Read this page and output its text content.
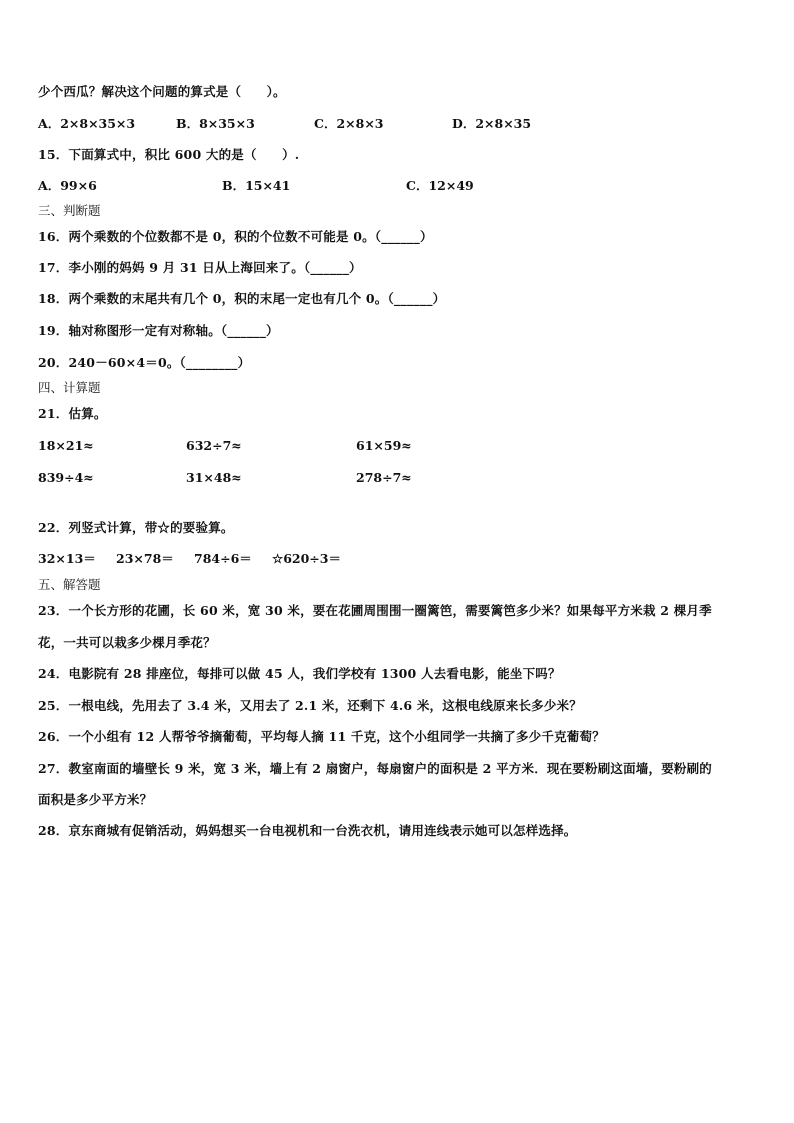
少个西瓜？解决这个问题的算式是（　　）。
A．2×8×35×3	B．8×35×3	C．2×8×3	D．2×8×35
15．下面算式中，积比 600 大的是（　　）.
A．99×6	B．15×41	C．12×49
三、判断题
16．两个乘数的个位数都不是 0，积的个位数不可能是 0。（______）
17．李小刚的妈妈 9 月 31 日从上海回来了。（______）
18．两个乘数的末尾共有几个 0，积的末尾一定也有几个 0。（______）
19．轴对称图形一定有对称轴。（______）
20．240－60×4＝0。（________）
四、计算题
21．估算。
18×21≈	632÷7≈	61×59≈
839÷4≈	31×48≈	278÷7≈
22．列竖式计算，带☆的要验算。
32×13＝ 23×78＝ 784÷6＝ ☆620÷3＝
五、解答题
23．一个长方形的花圃，长 60 米，宽 30 米，要在花圃周围围一圈篱笆，需要篱笆多少米？如果每平方米栽 2 棵月季
花，一共可以栽多少棵月季花？
24．电影院有 28 排座位，每排可以做 45 人，我们学校有 1300 人去看电影，能坐下吗？
25．一根电线，先用去了 3.4 米，又用去了 2.1 米，还剩下 4.6 米，这根电线原来长多少米？
26．一个小组有 12 人帮爷爷摘葡萄，平均每人摘 11 千克，这个小组同学一共摘了多少千克葡萄？
27．教室南面的墙壁长 9 米，宽 3 米，墙上有 2 扇窗户，每扇窗户的面积是 2 平方米．现在要粉刷这面墙，要粉刷的
面积是多少平方米？
28．京东商城有促销活动，妈妈想买一台电视机和一台洗衣机，请用连线表示她可以怎样选择。
